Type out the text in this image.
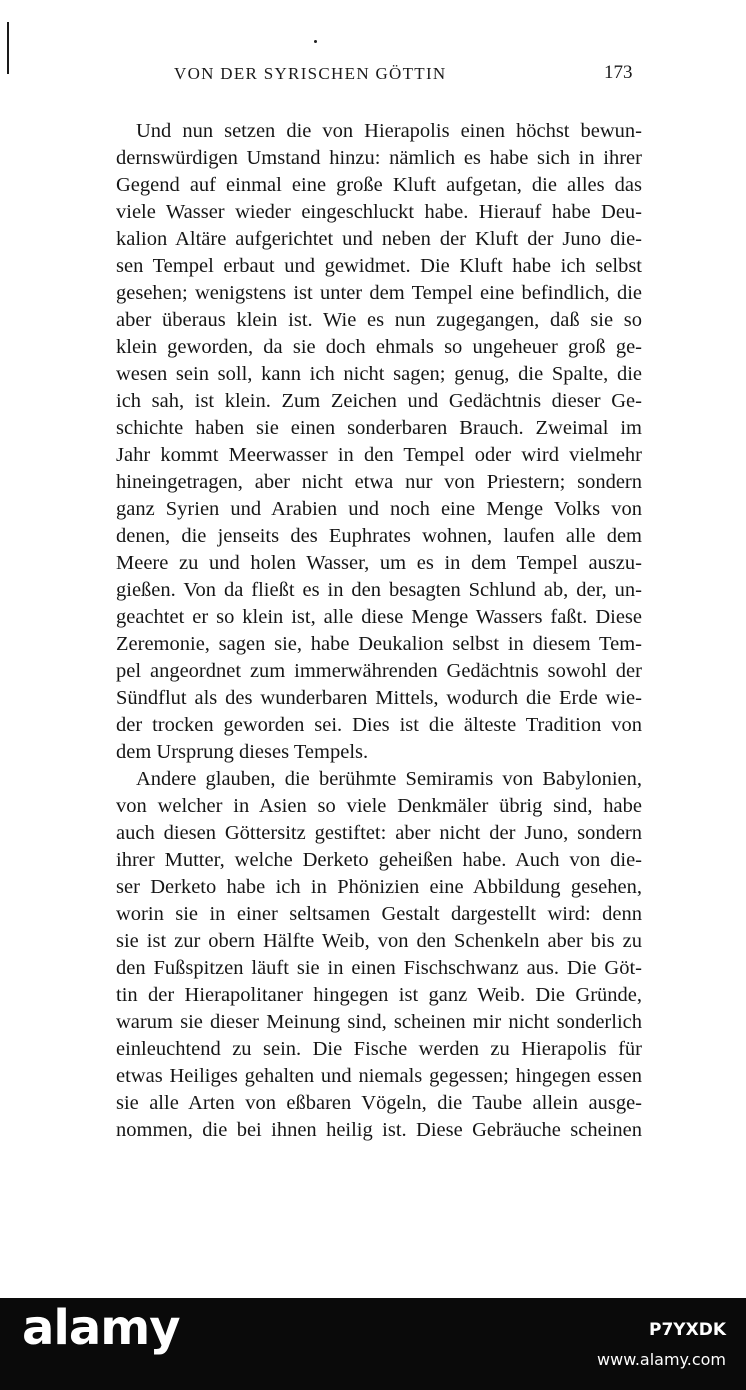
VON DER SYRISCHEN GÖTTIN	173
Und nun setzen die von Hierapolis einen höchst bewun-
dernswürdigen Umstand hinzu: nämlich es habe sich in ihrer
Gegend auf einmal eine große Kluft aufgetan, die alles das
viele Wasser wieder eingeschluckt habe. Hierauf habe Deu-
kalion Altäre aufgerichtet und neben der Kluft der Juno die-
sen Tempel erbaut und gewidmet. Die Kluft habe ich selbst
gesehen; wenigstens ist unter dem Tempel eine befindlich, die
aber überaus klein ist. Wie es nun zugegangen, daß sie so
klein geworden, da sie doch ehmals so ungeheuer groß ge-
wesen sein soll, kann ich nicht sagen; genug, die Spalte, die
ich sah, ist klein. Zum Zeichen und Gedächtnis dieser Ge-
schichte haben sie einen sonderbaren Brauch. Zweimal im
Jahr kommt Meerwasser in den Tempel oder wird vielmehr
hineingetragen, aber nicht etwa nur von Priestern; sondern
ganz Syrien und Arabien und noch eine Menge Volks von
denen, die jenseits des Euphrates wohnen, laufen alle dem
Meere zu und holen Wasser, um es in dem Tempel auszu-
gießen. Von da fließt es in den besagten Schlund ab, der, un-
geachtet er so klein ist, alle diese Menge Wassers faßt. Diese
Zeremonie, sagen sie, habe Deukalion selbst in diesem Tem-
pel angeordnet zum immerwährenden Gedächtnis sowohl der
Sündflut als des wunderbaren Mittels, wodurch die Erde wie-
der trocken geworden sei. Dies ist die älteste Tradition von
dem Ursprung dieses Tempels.
Andere glauben, die berühmte Semiramis von Babylonien,
von welcher in Asien so viele Denkmäler übrig sind, habe
auch diesen Göttersitz gestiftet: aber nicht der Juno, sondern
ihrer Mutter, welche Derketo geheißen habe. Auch von die-
ser Derketo habe ich in Phönizien eine Abbildung gesehen,
worin sie in einer seltsamen Gestalt dargestellt wird: denn
sie ist zur obern Hälfte Weib, von den Schenkeln aber bis zu
den Fußspitzen läuft sie in einen Fischschwanz aus. Die Göt-
tin der Hierapolitaner hingegen ist ganz Weib. Die Gründe,
warum sie dieser Meinung sind, scheinen mir nicht sonderlich
einleuchtend zu sein. Die Fische werden zu Hierapolis für
etwas Heiliges gehalten und niemals gegessen; hingegen essen
sie alle Arten von eßbaren Vögeln, die Taube allein ausge-
nommen, die bei ihnen heilig ist. Diese Gebräuche scheinen
alamy	P7YXDK
www.alamy.com
